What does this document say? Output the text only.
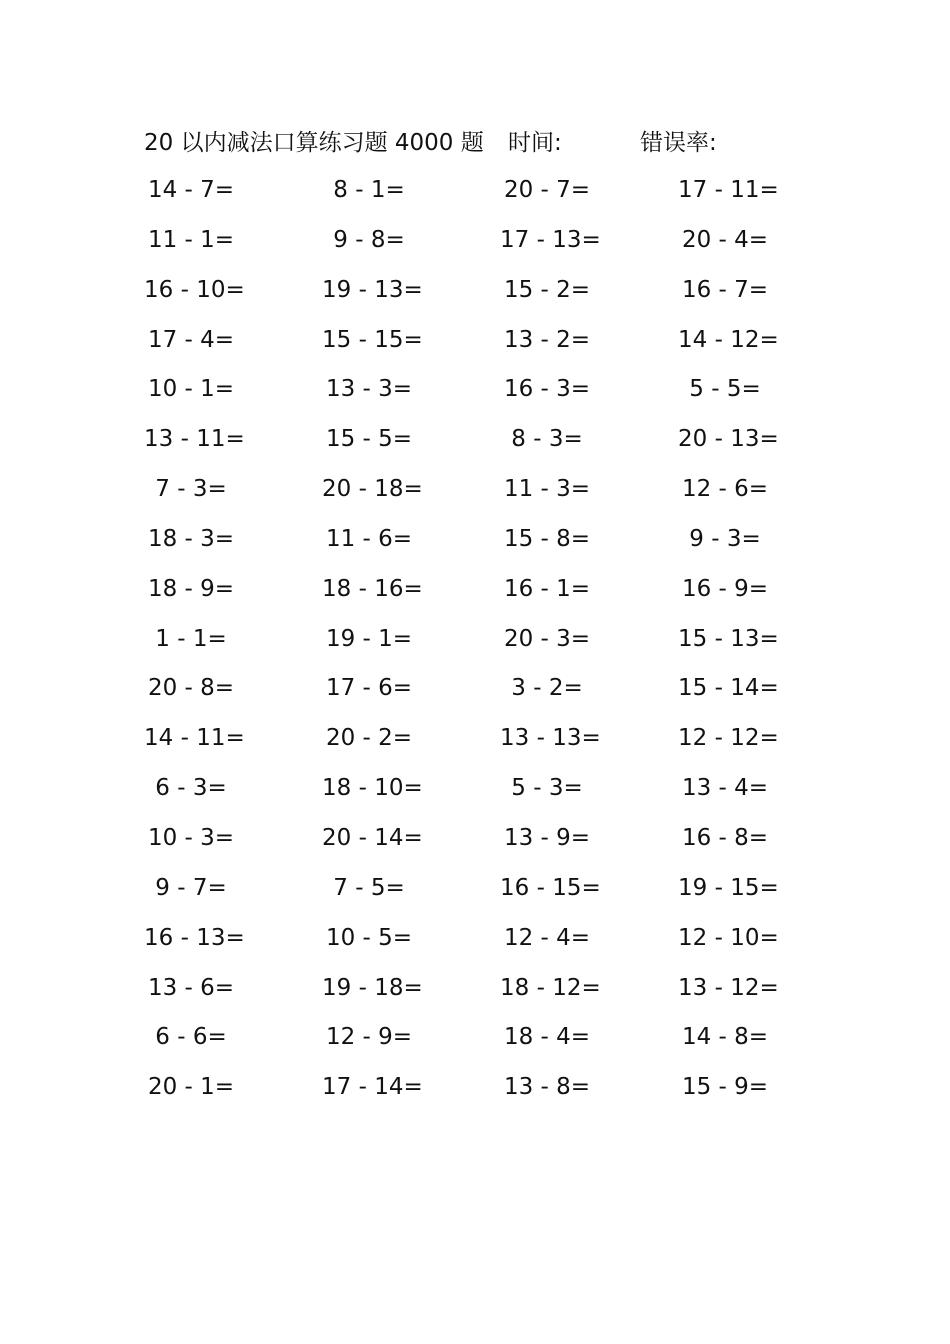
20 以内减法口算练习题 4000 题 时间:	错误率:
14 - 7=	8 - 1=	20 - 7=	17 - 11=
11 - 1=	9 - 8=	17 - 13=	20 - 4=
16 - 10=	19 - 13=	15 - 2=	16 - 7=
17 - 4=	15 - 15=	13 - 2=	14 - 12=
10 - 1=	13 - 3=	16 - 3=	5 - 5=
13 - 11=	15 - 5=	8 - 3=	20 - 13=
7 - 3=	20 - 18=	11 - 3=	12 - 6=
18 - 3=	11 - 6=	15 - 8=	9 - 3=
18 - 9=	18 - 16=	16 - 1=	16 - 9=
1 - 1=	19 - 1=	20 - 3=	15 - 13=
20 - 8=	17 - 6=	3 - 2=	15 - 14=
14 - 11=	20 - 2=	13 - 13=	12 - 12=
6 - 3=	18 - 10=	5 - 3=	13 - 4=
10 - 3=	20 - 14=	13 - 9=	16 - 8=
9 - 7=	7 - 5=	16 - 15=	19 - 15=
16 - 13=	10 - 5=	12 - 4=	12 - 10=
13 - 6=	19 - 18=	18 - 12=	13 - 12=
6 - 6=	12 - 9=	18 - 4=	14 - 8=
20 - 1=	17 - 14=	13 - 8=	15 - 9=
